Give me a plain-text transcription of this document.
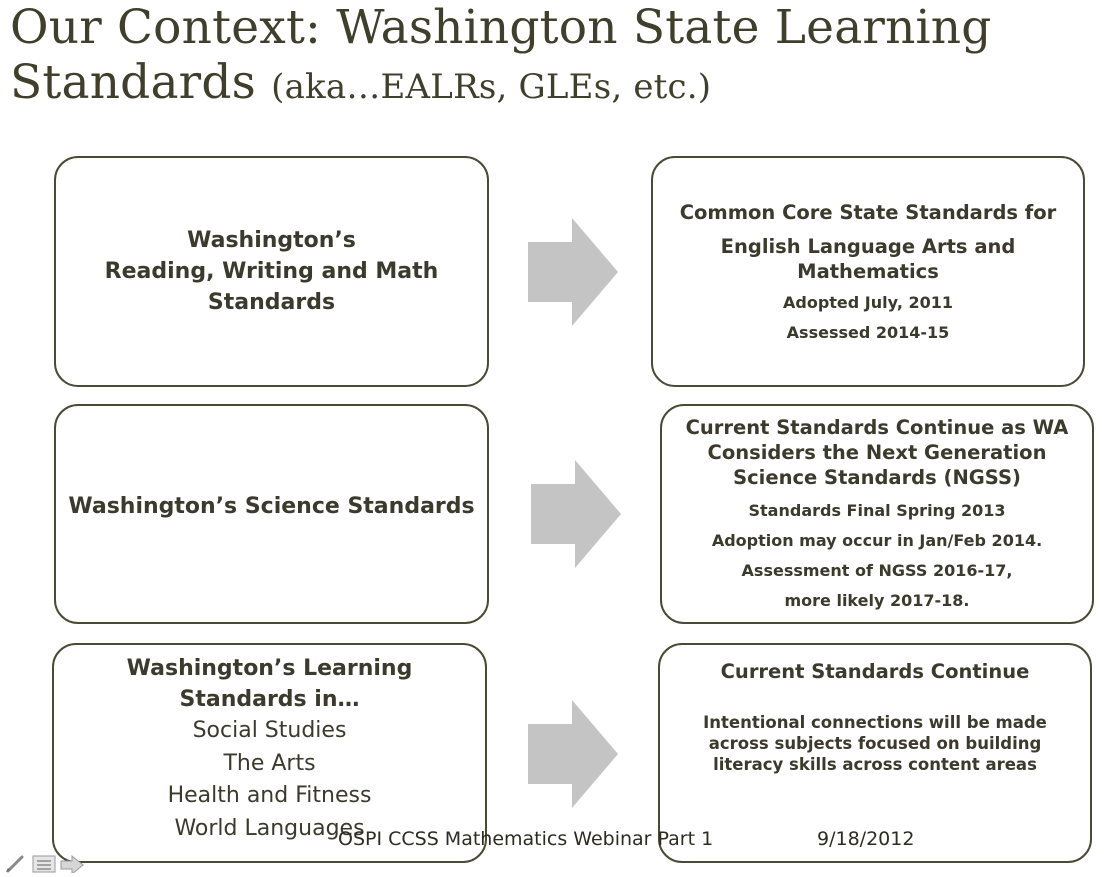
Our Context: Washington State Learning Standards (aka…EALRs, GLEs, etc.)
Washington’s
Reading, Writing and Math
Standards
Common Core State Standards for
English Language Arts and Mathematics
Adopted July, 2011
Assessed 2014-15
Washington’s Science Standards
Current Standards Continue as WA Considers the Next Generation Science Standards (NGSS)
Standards Final Spring 2013
Adoption may occur in Jan/Feb 2014.
Assessment of NGSS 2016-17,
more likely 2017-18.
Washington’s Learning Standards in…
Social Studies
The Arts
Health and Fitness
World Languages
Current Standards Continue
Intentional connections will be made across subjects focused on building literacy skills across content areas
OSPI CCSS Mathematics Webinar Part 1	9/18/2012
